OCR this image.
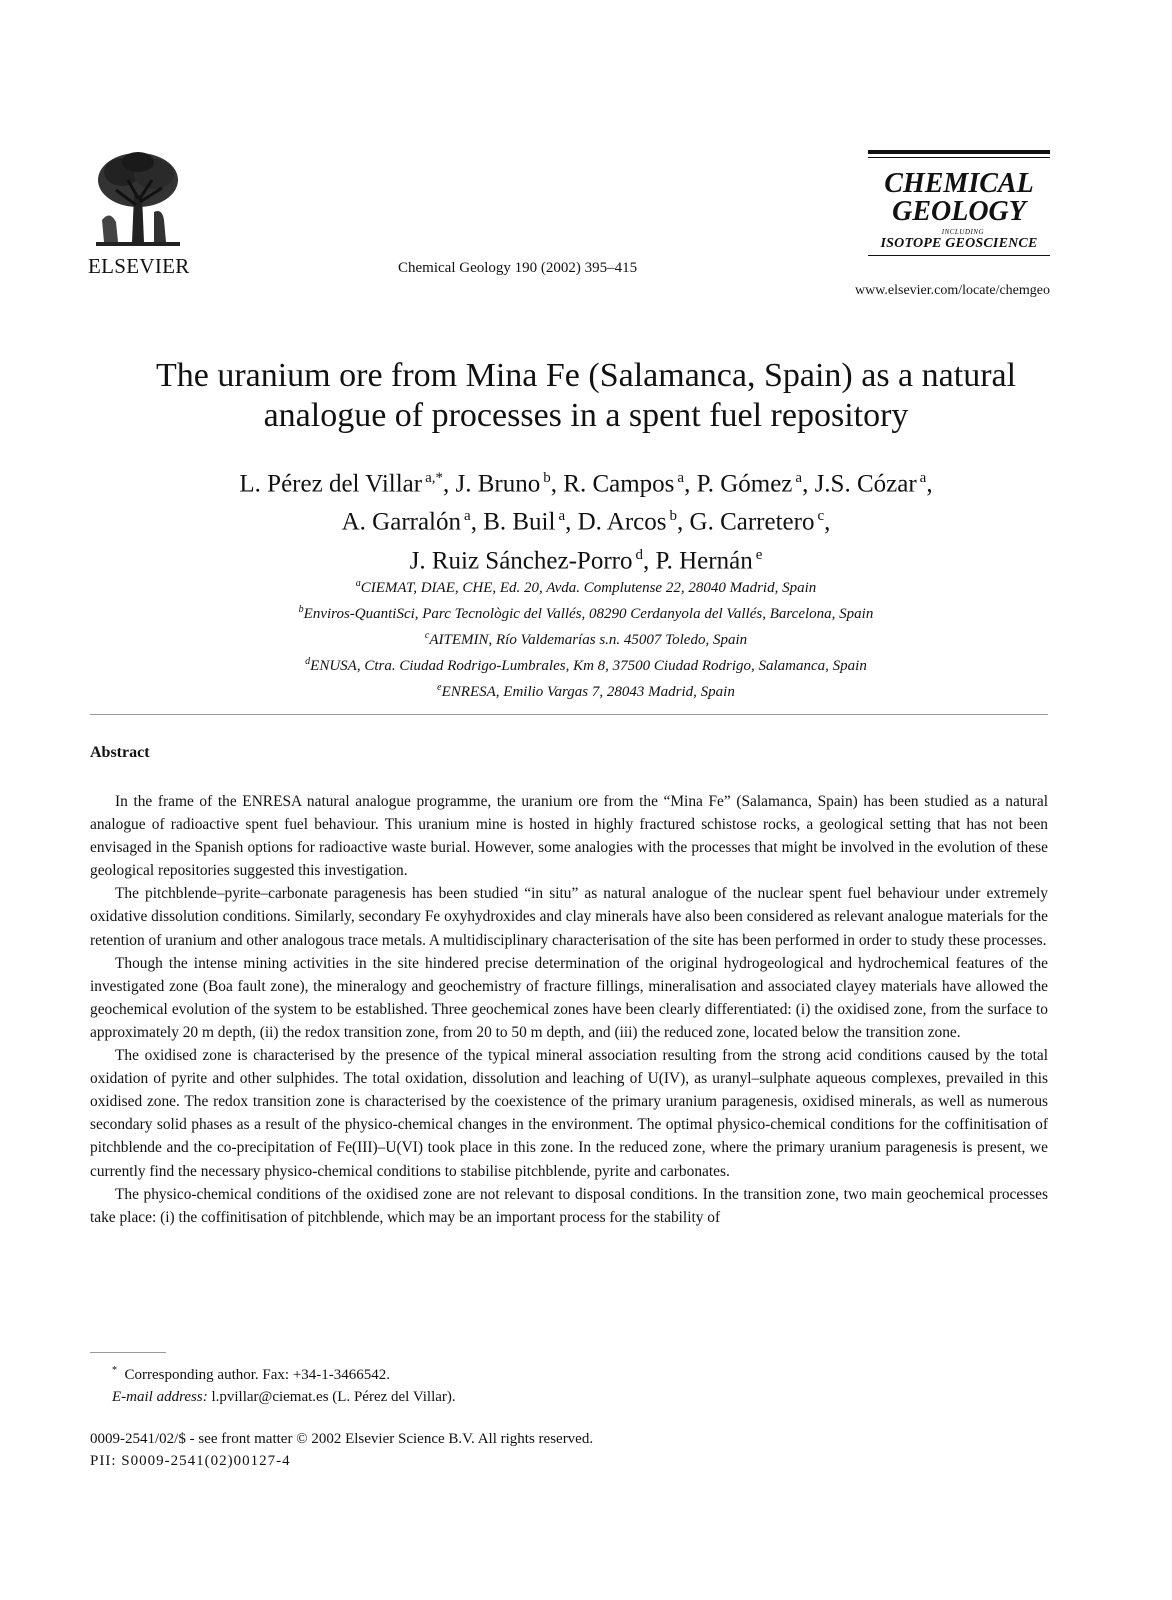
ELSEVIER	Chemical Geology 190 (2002) 395–415
CHEMICAL
GEOLOGY
INCLUDING
ISOTOPE GEOSCIENCE
www.elsevier.com/locate/chemgeo
The uranium ore from Mina Fe (Salamanca, Spain) as a natural
analogue of processes in a spent fuel repository
L. Pérez del Villar $^{a,*}$, J. Bruno $^b$, R. Campos $^a$, P. Gómez $^a$, J.S. Cózar $^a$,
A. Garralón $^a$, B. Buil $^a$, D. Arcos $^b$, G. Carretero $^c$,
J. Ruiz Sánchez-Porro $^d$, P. Hernán $^e$
$^a$CIEMAT, DIAE, CHE, Ed. 20, Avda. Complutense 22, 28040 Madrid, Spain
$^b$Enviros-QuantiSci, Parc Tecnològic del Vallés, 08290 Cerdanyola del Vallés, Barcelona, Spain
$^c$AITEMIN, Río Valdemarías s.n. 45007 Toledo, Spain
$^d$ENUSA, Ctra. Ciudad Rodrigo-Lumbrales, Km 8, 37500 Ciudad Rodrigo, Salamanca, Spain
$^e$ENRESA, Emilio Vargas 7, 28043 Madrid, Spain
Abstract

In the frame of the ENRESA natural analogue programme, the uranium ore from the “Mina Fe” (Salamanca, Spain) has been studied as a natural analogue of radioactive spent fuel behaviour. This uranium mine is hosted in highly fractured schistose rocks, a geological setting that has not been envisaged in the Spanish options for radioactive waste burial. However, some analogies with the processes that might be involved in the evolution of these geological repositories suggested this investigation.

The pitchblende–pyrite–carbonate paragenesis has been studied “in situ” as natural analogue of the nuclear spent fuel behaviour under extremely oxidative dissolution conditions. Similarly, secondary Fe oxyhydroxides and clay minerals have also been considered as relevant analogue materials for the retention of uranium and other analogous trace metals. A multidisciplinary characterisation of the site has been performed in order to study these processes.

Though the intense mining activities in the site hindered precise determination of the original hydrogeological and hydrochemical features of the investigated zone (Boa fault zone), the mineralogy and geochemistry of fracture fillings, mineralisation and associated clayey materials have allowed the geochemical evolution of the system to be established. Three geochemical zones have been clearly differentiated: (i) the oxidised zone, from the surface to approximately 20 m depth, (ii) the redox transition zone, from 20 to 50 m depth, and (iii) the reduced zone, located below the transition zone.

The oxidised zone is characterised by the presence of the typical mineral association resulting from the strong acid conditions caused by the total oxidation of pyrite and other sulphides. The total oxidation, dissolution and leaching of U(IV), as uranyl–sulphate aqueous complexes, prevailed in this oxidised zone. The redox transition zone is characterised by the coexistence of the primary uranium paragenesis, oxidised minerals, as well as numerous secondary solid phases as a result of the physico-chemical changes in the environment. The optimal physico-chemical conditions for the coffinitisation of pitchblende and the co-precipitation of Fe(III)–U(VI) took place in this zone. In the reduced zone, where the primary uranium paragenesis is present, we currently find the necessary physico-chemical conditions to stabilise pitchblende, pyrite and carbonates.

The physico-chemical conditions of the oxidised zone are not relevant to disposal conditions. In the transition zone, two main geochemical processes take place: (i) the coffinitisation of pitchblende, which may be an important process for the stability of

* Corresponding author. Fax: +34-1-3466542.
E-mail address: l.pvillar@ciemat.es (L. Pérez del Villar).
0009-2541/02/$ - see front matter © 2002 Elsevier Science B.V. All rights reserved.
PII: S0009-2541(02)00127-4
